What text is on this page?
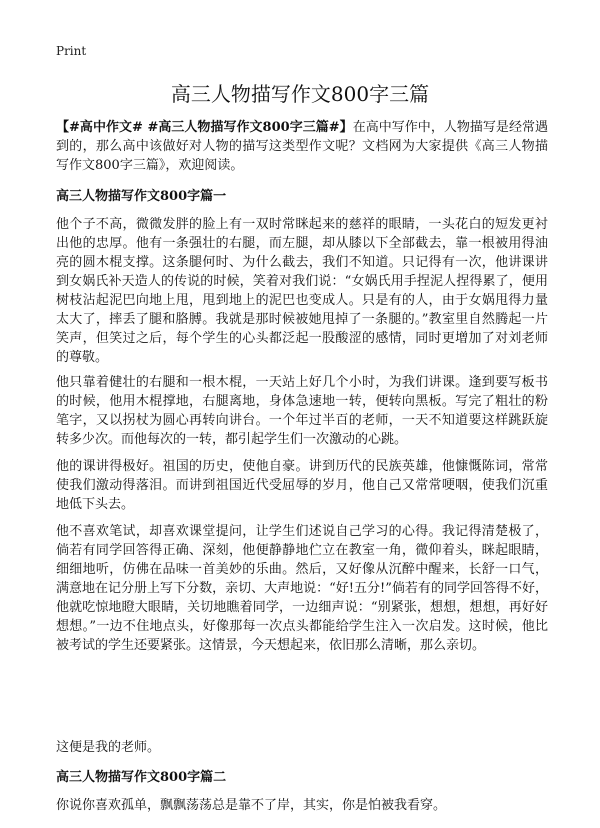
Print
高三人物描写作文800字三篇

【#高中作文# #高三人物描写作文800字三篇#】在高中写作中，人物描写是经常遇到的，那么高中该做好对人物的描写这类型作文呢？文档网为大家提供《高三人物描写作文800字三篇》，欢迎阅读。

高三人物描写作文800字篇一

他个子不高，微微发胖的脸上有一双时常眯起来的慈祥的眼睛，一头花白的短发更衬出他的忠厚。他有一条强壮的右腿，而左腿，却从膝以下全部截去，靠一根被用得油亮的圆木棍支撑。这条腿何时、为什么截去，我们不知道。只记得有一次，他讲课讲到女娲氏补天造人的传说的时候，笑着对我们说：“女娲氏用手捏泥人捏得累了，便用树枝沾起泥巴向地上甩，甩到地上的泥巴也变成人。只是有的人，由于女娲甩得力量太大了，摔丢了腿和胳膊。我就是那时候被她甩掉了一条腿的。”教室里自然腾起一片笑声，但笑过之后，每个学生的心头都泛起一股酸涩的感情，同时更增加了对刘老师的尊敬。

他只靠着健壮的右腿和一根木棍，一天站上好几个小时，为我们讲课。逢到要写板书的时候，他用木棍撑地，右腿离地，身体急速地一转，便转向黑板。写完了粗壮的粉笔字，又以拐杖为圆心再转向讲台。一个年过半百的老师，一天不知道要这样跳跃旋转多少次。而他每次的一转，都引起学生们一次激动的心跳。

他的课讲得极好。祖国的历史，使他自豪。讲到历代的民族英雄，他慷慨陈词，常常使我们激动得落泪。而讲到祖国近代受屈辱的岁月，他自己又常常哽咽，使我们沉重地低下头去。

他不喜欢笔试，却喜欢课堂提问，让学生们述说自己学习的心得。我记得清楚极了，倘若有同学回答得正确、深刻，他便静静地伫立在教室一角，微仰着头，眯起眼睛，细细地听，仿佛在品味一首美妙的乐曲。然后，又好像从沉醉中醒来，长舒一口气，满意地在记分册上写下分数，亲切、大声地说：“好!五分!”倘若有的同学回答得不好，他就吃惊地瞪大眼睛，关切地瞧着同学，一边细声说：“别紧张，想想，想想，再好好想想。”一边不住地点头，好像那每一次点头都能给学生注入一次启发。这时候，他比被考试的学生还要紧张。这情景，今天想起来，依旧那么清晰，那么亲切。

这便是我的老师。

高三人物描写作文800字篇二

你说你喜欢孤单，飘飘荡荡总是靠不了岸，其实，你是怕被我看穿。
